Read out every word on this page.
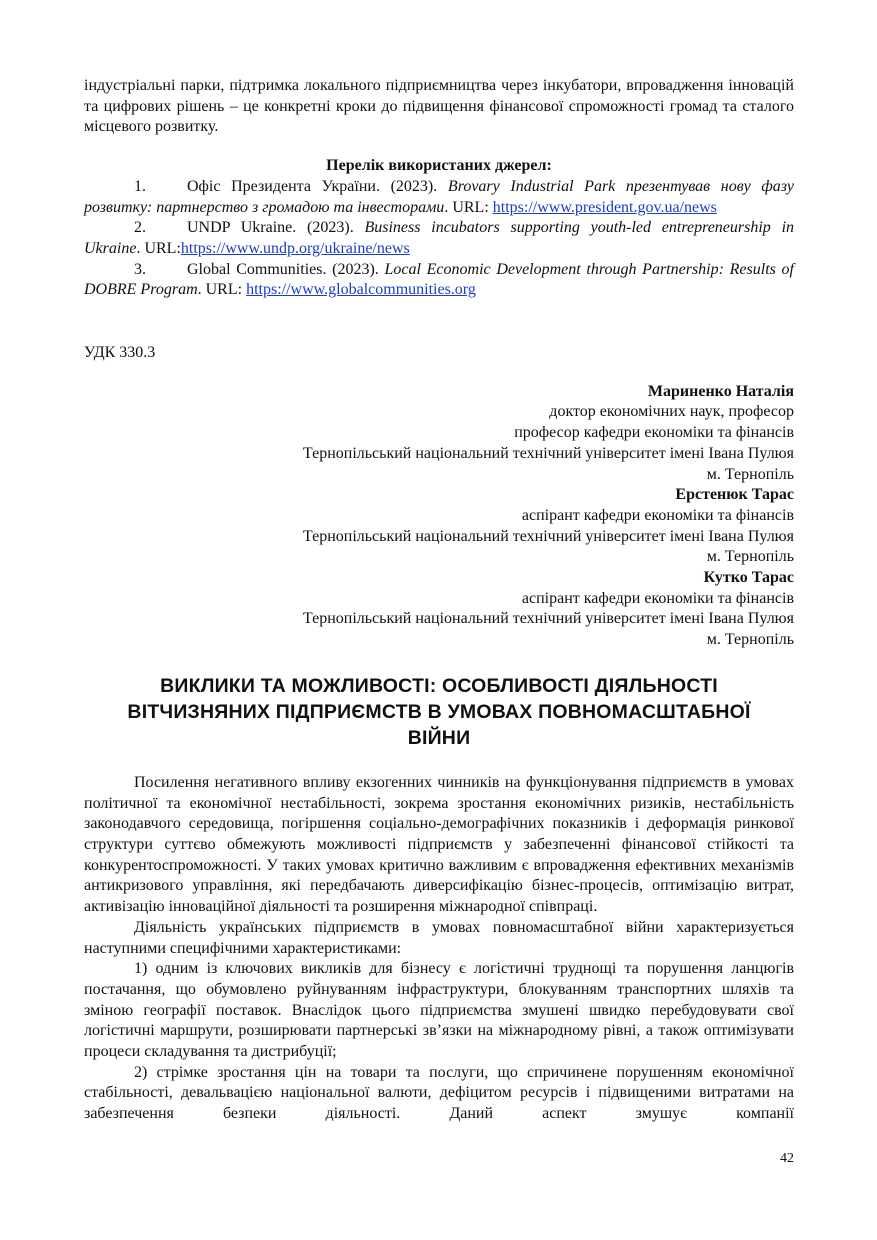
індустріальні парки, підтримка локального підприємництва через інкубатори, впровадження інновацій та цифрових рішень – це конкретні кроки до підвищення фінансової спроможності громад та сталого місцевого розвитку.

Перелік використаних джерел:

1.	Офіс Президента України. (2023). Brovary Industrial Park презентував нову фазу розвитку: партнерство з громадою та інвесторами. URL: https://www.president.gov.ua/news

2.	UNDP Ukraine. (2023). Business incubators supporting youth-led entrepreneurship in Ukraine. URL:https://www.undp.org/ukraine/news

3.	Global Communities. (2023). Local Economic Development through Partnership: Results of DOBRE Program. URL: https://www.globalcommunities.org

УДК 330.3

Мариненко Наталія
доктор економічних наук, професор
професор кафедри економіки та фінансів
Тернопільський національний технічний університет імені Івана Пулюя
м. Тернопіль
Ерстенюк Тарас
аспірант кафедри економіки та фінансів
Тернопільський національний технічний університет імені Івана Пулюя
м. Тернопіль
Кутко Тарас
аспірант кафедри економіки та фінансів
Тернопільський національний технічний університет імені Івана Пулюя
м. Тернопіль
ВИКЛИКИ ТА МОЖЛИВОСТІ: ОСОБЛИВОСТІ ДІЯЛЬНОСТІ
ВІТЧИЗНЯНИХ ПІДПРИЄМСТВ В УМОВАХ ПОВНОМАСШТАБНОЇ
ВІЙНИ

Посилення негативного впливу екзогенних чинників на функціонування підприємств в умовах політичної та економічної нестабільності, зокрема зростання економічних ризиків, нестабільність законодавчого середовища, погіршення соціально-демографічних показників і деформація ринкової структури суттєво обмежують можливості підприємств у забезпеченні фінансової стійкості та конкурентоспроможності. У таких умовах критично важливим є впровадження ефективних механізмів антикризового управління, які передбачають диверсифікацію бізнес-процесів, оптимізацію витрат, активізацію інноваційної діяльності та розширення міжнародної співпраці.

Діяльність українських підприємств в умовах повномасштабної війни характеризується наступними специфічними характеристиками:

1) одним із ключових викликів для бізнесу є логістичні труднощі та порушення ланцюгів постачання, що обумовлено руйнуванням інфраструктури, блокуванням транспортних шляхів та зміною географії поставок. Внаслідок цього підприємства змушені швидко перебудовувати свої логістичні маршрути, розширювати партнерські зв’язки на міжнародному рівні, а також оптимізувати процеси складування та дистрибуції;

2) стрімке зростання цін на товари та послуги, що спричинене порушенням економічної стабільності, девальвацією національної валюти, дефіцитом ресурсів і підвищеними витратами на забезпечення безпеки діяльності. Даний аспект змушує компанії

42
